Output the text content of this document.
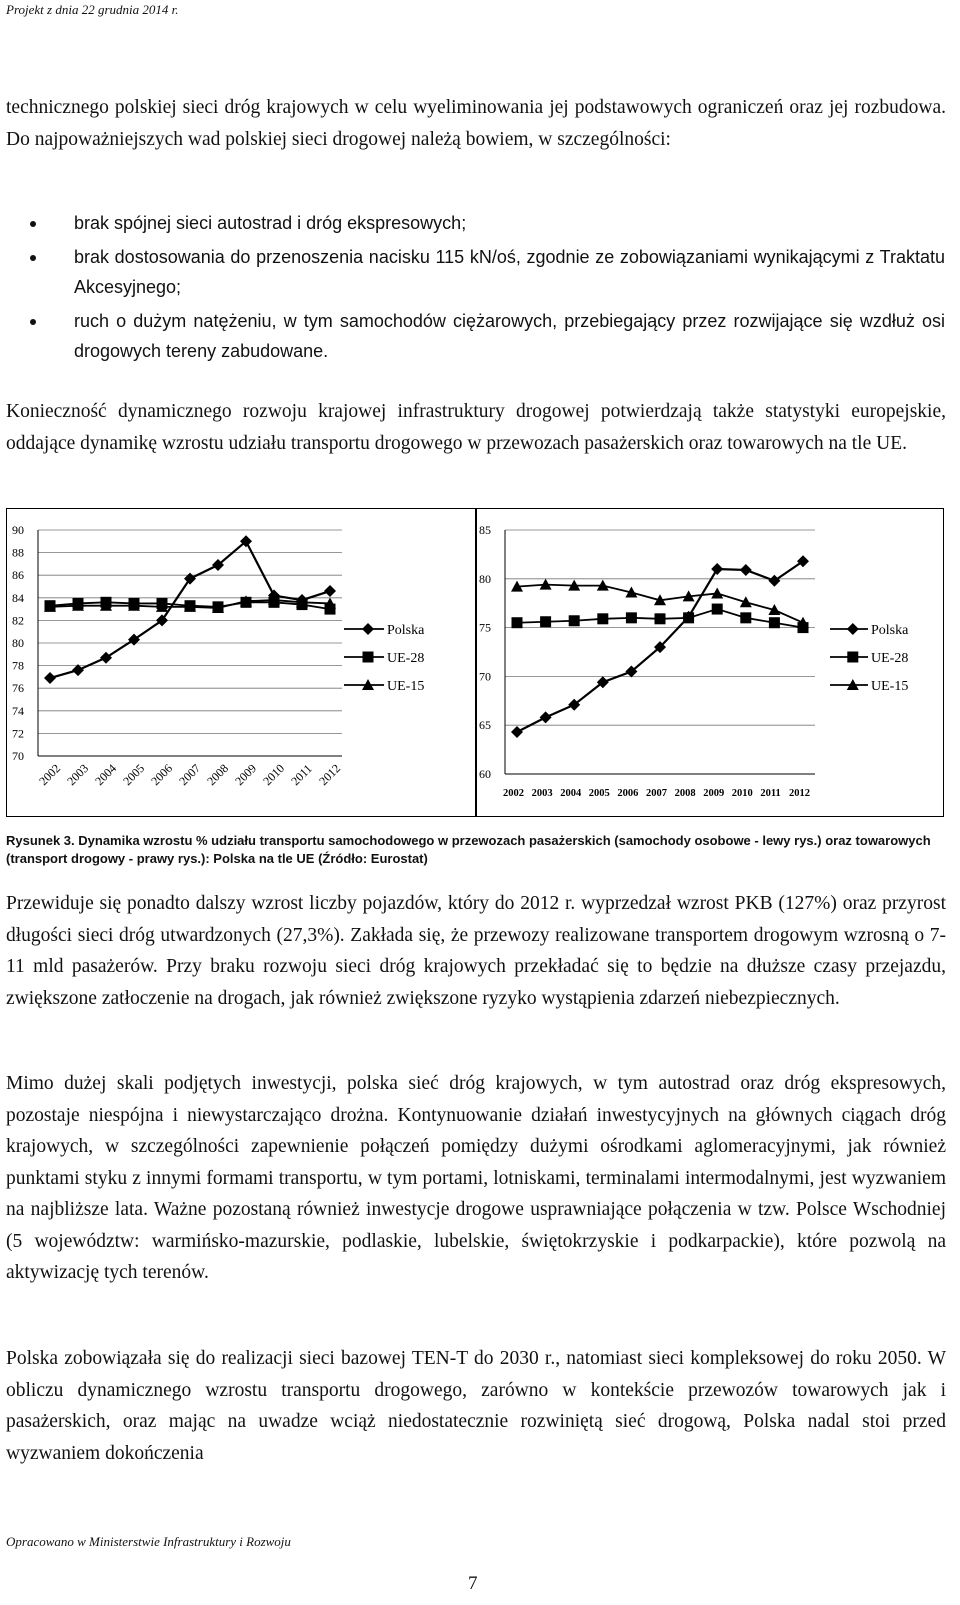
Projekt z dnia 22 grudnia 2014 r.

technicznego polskiej sieci dróg krajowych w celu wyeliminowania jej podstawowych ograniczeń oraz jej rozbudowa. Do najpoważniejszych wad polskiej sieci drogowej należą bowiem, w szczególności:

brak spójnej sieci autostrad i dróg ekspresowych;
brak dostosowania do przenoszenia nacisku 115 kN/oś, zgodnie ze zobowiązaniami wynikającymi z Traktatu Akcesyjnego;
ruch o dużym natężeniu, w tym samochodów ciężarowych, przebiegający przez rozwijające się wzdłuż osi drogowych tereny zabudowane.

Konieczność dynamicznego rozwoju krajowej infrastruktury drogowej potwierdzają także statystyki europejskie, oddające dynamikę wzrostu udziału transportu drogowego w przewozach pasażerskich oraz towarowych na tle UE.

70
72
74
76
78
80
82
84
86
88
90
2002 2003 2004 2005 2006 2007 2008 2009 2010 2011 2012
Polska
UE-28
UE-15
60
65
70
75
80
85
2002 2003 2004 2005 2006 2007 2008 2009 2010 2011 2012
Polska
UE-28
UE-15

Rysunek 3. Dynamika wzrostu % udziału transportu samochodowego w przewozach pasażerskich (samochody osobowe - lewy rys.) oraz towarowych (transport drogowy - prawy rys.): Polska na tle UE (Źródło: Eurostat)

Przewiduje się ponadto dalszy wzrost liczby pojazdów, który do 2012 r. wyprzedzał wzrost PKB (127%) oraz przyrost długości sieci dróg utwardzonych (27,3%). Zakłada się, że przewozy realizowane transportem drogowym wzrosną o 7-11 mld pasażerów. Przy braku rozwoju sieci dróg krajowych przekładać się to będzie na dłuższe czasy przejazdu, zwiększone zatłoczenie na drogach, jak również zwiększone ryzyko wystąpienia zdarzeń niebezpiecznych.

Mimo dużej skali podjętych inwestycji, polska sieć dróg krajowych, w tym autostrad oraz dróg ekspresowych, pozostaje niespójna i niewystarczająco drożna. Kontynuowanie działań inwestycyjnych na głównych ciągach dróg krajowych, w szczególności zapewnienie połączeń pomiędzy dużymi ośrodkami aglomeracyjnymi, jak również punktami styku z innymi formami transportu, w tym portami, lotniskami, terminalami intermodalnymi, jest wyzwaniem na najbliższe lata. Ważne pozostaną również inwestycje drogowe usprawniające połączenia w tzw. Polsce Wschodniej (5 województw: warmińsko-mazurskie, podlaskie, lubelskie, świętokrzyskie i podkarpackie), które pozwolą na aktywizację tych terenów.

Polska zobowiązała się do realizacji sieci bazowej TEN-T do 2030 r., natomiast sieci kompleksowej do roku 2050. W obliczu dynamicznego wzrostu transportu drogowego, zarówno w kontekście przewozów towarowych jak i pasażerskich, oraz mając na uwadze wciąż niedostatecznie rozwiniętą sieć drogową, Polska nadal stoi przed wyzwaniem dokończenia

Opracowano w Ministerstwie Infrastruktury i Rozwoju
7
